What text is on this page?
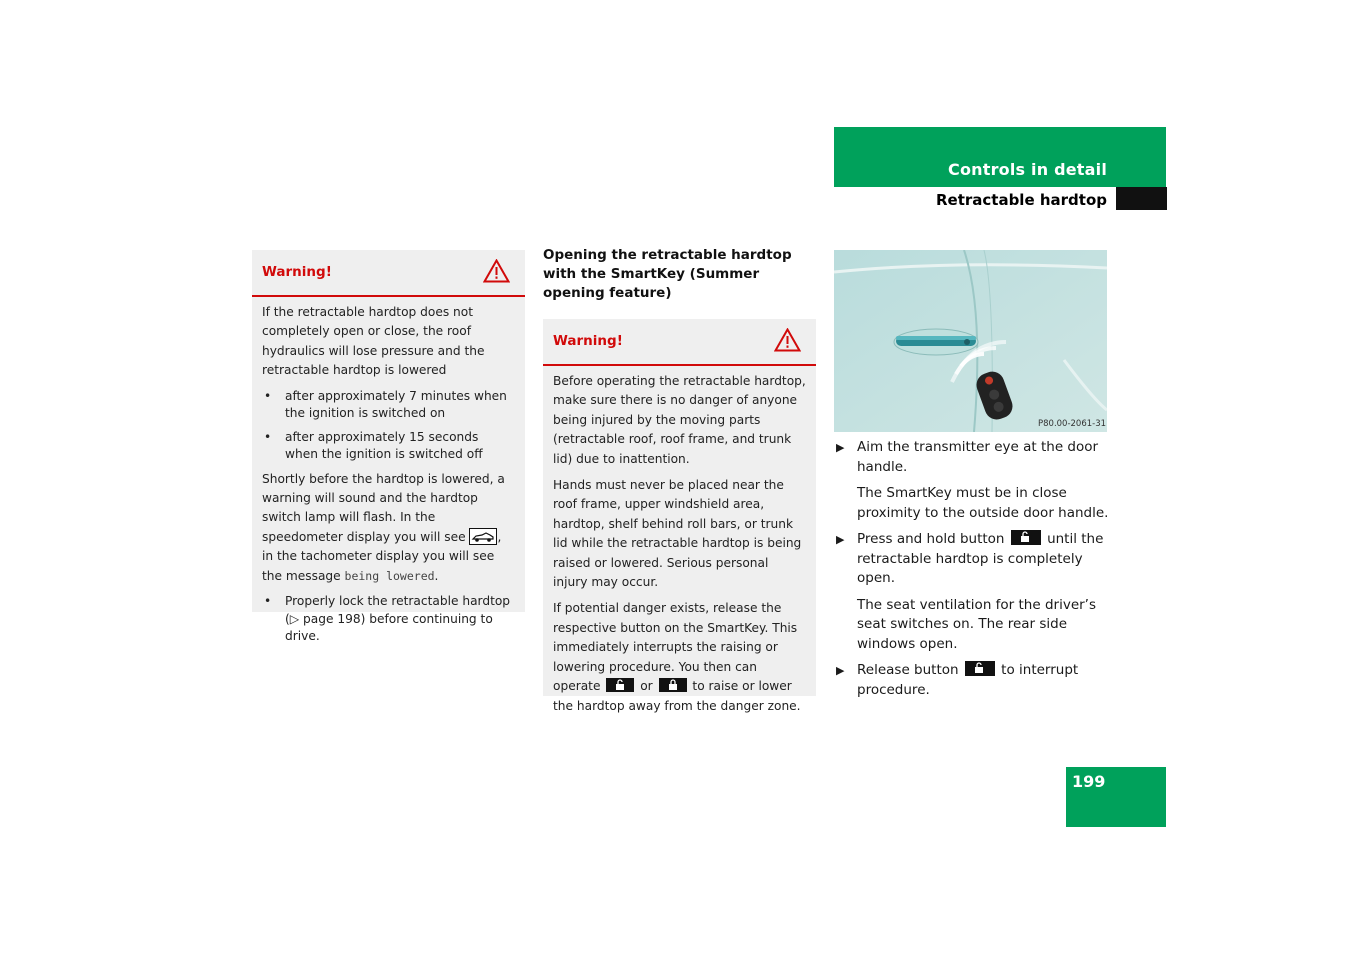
Controls in detail
Retractable hardtop
Warning!

If the retractable hardtop does not completely open or close, the roof hydraulics will lose pressure and the retractable hardtop is lowered

• after approximately 7 minutes when the ignition is switched on
• after approximately 15 seconds when the ignition is switched off

Shortly before the hardtop is lowered, a warning will sound and the hardtop switch lamp will flash. In the speedometer display you will see	, in the tachometer display you will see the message being lowered.

• Properly lock the retractable hardtop (▷ page 198) before continuing to drive.
Opening the retractable hardtop with the SmartKey (Summer opening feature)
Warning!

Before operating the retractable hardtop, make sure there is no danger of anyone being injured by the moving parts (retractable roof, roof frame, and trunk lid) due to inattention.

Hands must never be placed near the roof frame, upper windshield area, hardtop, shelf behind roll bars, or trunk lid while the retractable hardtop is being raised or lowered. Serious personal injury may occur.

If potential danger exists, release the respective button on the SmartKey. This immediately interrupts the raising or lowering procedure. You then can operate	or	to raise or lower the hardtop away from the danger zone.

P80.00-2061-31
▶ Aim the transmitter eye at the door handle.
The SmartKey must be in close proximity to the outside door handle.
▶ Press and hold button	until the retractable hardtop is completely open.
The seat ventilation for the driver’s seat switches on. The rear side windows open.
▶ Release button	to interrupt procedure.
199
